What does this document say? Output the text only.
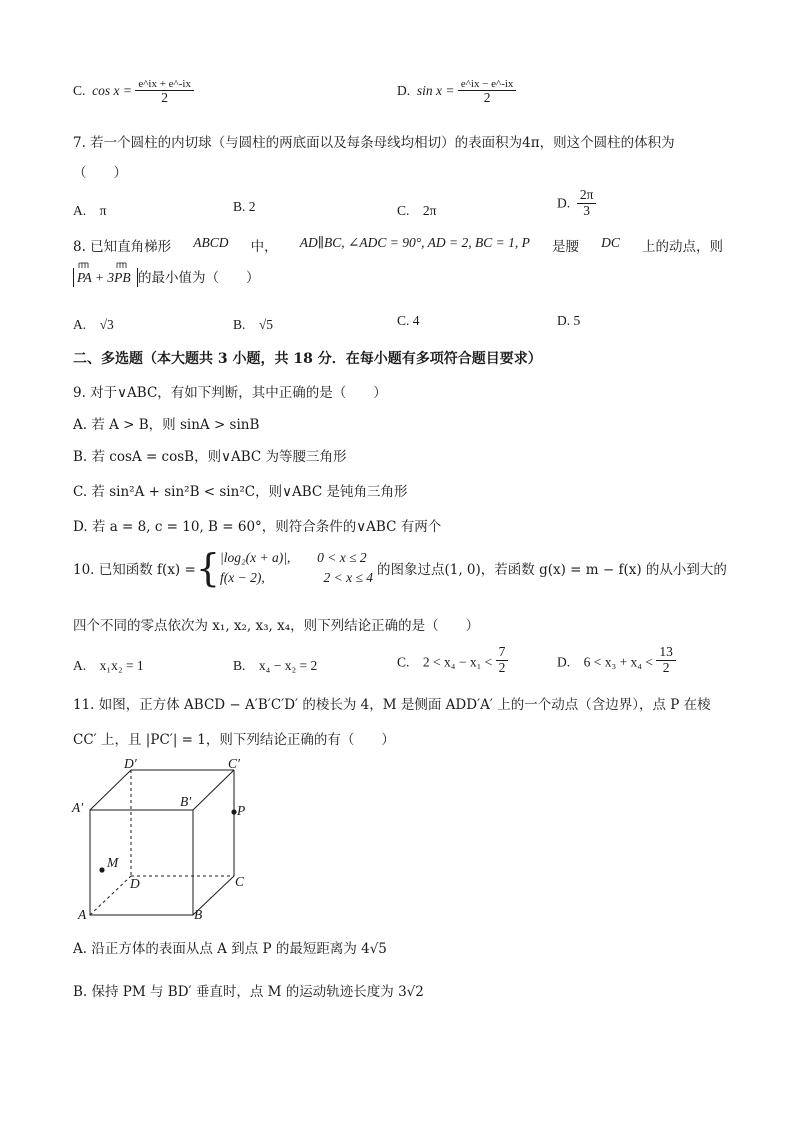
C. $\cos x = \frac{e\^{}ix + e\^{}-ix}{2}$	D. $\sin x = \frac{e\^{}ix - e\^{}-ix}{2}$
7. 若一个圆柱的内切球（与圆柱的两底面以及每条母线均相切）的表面积为4π，则这个圆柱的体积为
（　　）
A.　π	B. 2	C.　2π
D. $\frac{2\pi}{3}$
8. 已知直角梯形 ABCD 中， AD∥BC, ∠ADC = 90°, AD = 2, BC = 1, P 是腰 DC 上的动点，则
PA + 3PB 的最小值为（　　）
A.　√3	B.　√5	C. 4	D. 5
二、多选题（本大题共 3 小题，共 18 分．在每小题有多项符合题目要求）
9. 对于∨ABC，有如下判断，其中正确的是（　　）
A. 若 A > B，则 sinA > sinB
B. 若 cosA = cosB，则∨ABC 为等腰三角形
C. 若 sin²A + sin²B < sin²C，则∨ABC 是钝角三角形
D. 若 a = 8, c = 10, B = 60°，则符合条件的∨ABC 有两个
10. 已知函数 f(x) = { |log₂(x + a)|, 0 < x ≤ 2
f(x − 2),	2 < x ≤ 4 的图象过点(1, 0)，若函数 g(x) = m − f(x) 的从小到大的
四个不同的零点依次为 x₁, x₂, x₃, x₄，则下列结论正确的是（　　）
A.　x₁x₂ = 1	B.　x₄ − x₂ = 2	C.　$2 < x_4 - x_1 < \frac{7}{2}$	D.　$6 < x_3 + x_4 < \frac{13}{2}$
11. 如图，正方体 ABCD − A′B′C′D′ 的棱长为 4，M 是侧面 ADD′A′ 上的一个动点（含边界），点 P 在棱
CC′ 上，且 |PC′| = 1，则下列结论正确的有（　　）
D′	C′
A′	B′
P
M
D	C
A	B
A. 沿正方体的表面从点 A 到点 P 的最短距离为 4√5
B. 保持 PM 与 BD′ 垂直时，点 M 的运动轨迹长度为 3√2
